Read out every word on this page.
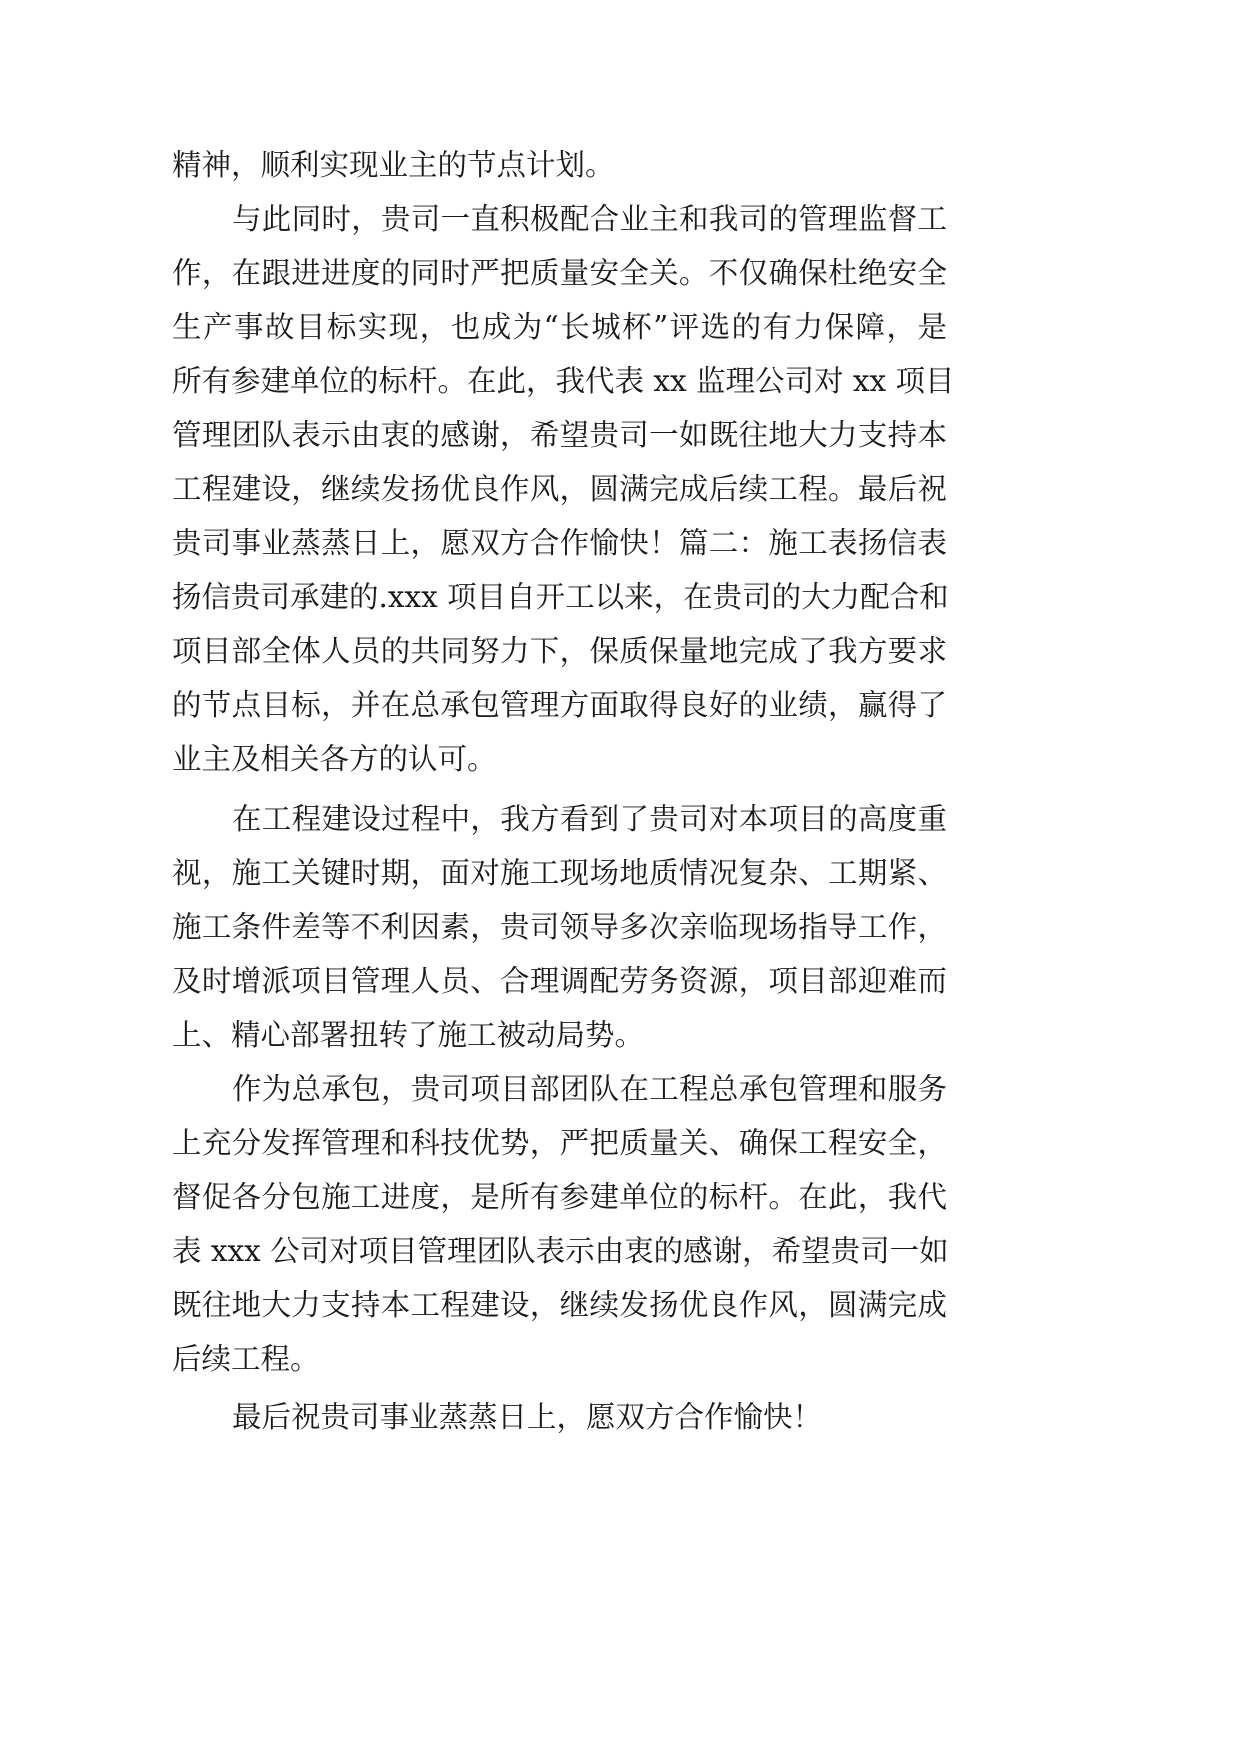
精神，顺利实现业主的节点计划。
与此同时，贵司一直积极配合业主和我司的管理监督工
作，在跟进进度的同时严把质量安全关。不仅确保杜绝安全
生产事故目标实现，也成为“长城杯”评选的有力保障，是
所有参建单位的标杆。在此，我代表 xx 监理公司对 xx 项目
管理团队表示由衷的感谢，希望贵司一如既往地大力支持本
工程建设，继续发扬优良作风，圆满完成后续工程。最后祝
贵司事业蒸蒸日上，愿双方合作愉快！篇二：施工表扬信表
扬信贵司承建的.xxx 项目自开工以来，在贵司的大力配合和
项目部全体人员的共同努力下，保质保量地完成了我方要求
的节点目标，并在总承包管理方面取得良好的业绩，赢得了
业主及相关各方的认可。
在工程建设过程中，我方看到了贵司对本项目的高度重
视，施工关键时期，面对施工现场地质情况复杂、工期紧、
施工条件差等不利因素，贵司领导多次亲临现场指导工作，
及时增派项目管理人员、合理调配劳务资源，项目部迎难而
上、精心部署扭转了施工被动局势。
作为总承包，贵司项目部团队在工程总承包管理和服务
上充分发挥管理和科技优势，严把质量关、确保工程安全，
督促各分包施工进度，是所有参建单位的标杆。在此，我代
表 xxx 公司对项目管理团队表示由衷的感谢，希望贵司一如
既往地大力支持本工程建设，继续发扬优良作风，圆满完成
后续工程。
最后祝贵司事业蒸蒸日上，愿双方合作愉快！
